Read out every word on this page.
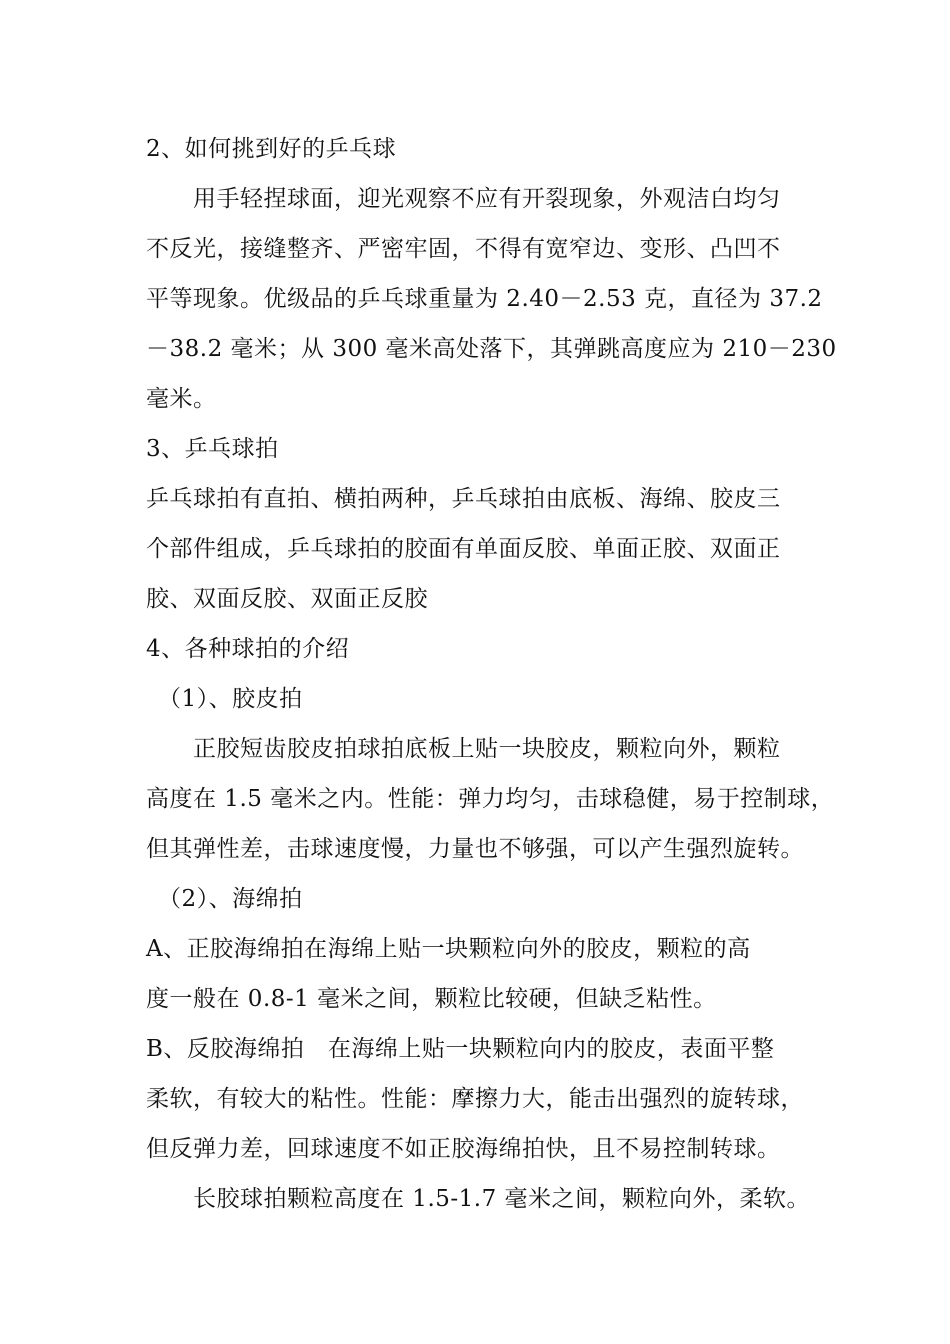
2、如何挑到好的乒乓球
　　用手轻捏球面，迎光观察不应有开裂现象，外观洁白均匀
不反光，接缝整齐、严密牢固，不得有宽窄边、变形、凸凹不
平等现象。优级品的乒乓球重量为 2.40－2.53 克，直径为 37.2
－38.2 毫米；从 300 毫米高处落下，其弹跳高度应为 210－230
毫米。
3、乒乓球拍
乒乓球拍有直拍、横拍两种，乒乓球拍由底板、海绵、胶皮三
个部件组成，乒乓球拍的胶面有单面反胶、单面正胶、双面正
胶、双面反胶、双面正反胶
4、各种球拍的介绍
　（1）、胶皮拍
　　正胶短齿胶皮拍球拍底板上贴一块胶皮，颗粒向外，颗粒
高度在 1.5 毫米之内。性能：弹力均匀，击球稳健，易于控制球，
但其弹性差，击球速度慢，力量也不够强，可以产生强烈旋转。
　（2）、海绵拍
A、正胶海绵拍在海绵上贴一块颗粒向外的胶皮，颗粒的高
度一般在 0.8-1 毫米之间，颗粒比较硬，但缺乏粘性。
B、反胶海绵拍　在海绵上贴一块颗粒向内的胶皮，表面平整
柔软，有较大的粘性。性能：摩擦力大，能击出强烈的旋转球，
但反弹力差，回球速度不如正胶海绵拍快，且不易控制转球。
　　长胶球拍颗粒高度在 1.5-1.7 毫米之间，颗粒向外，柔软。
